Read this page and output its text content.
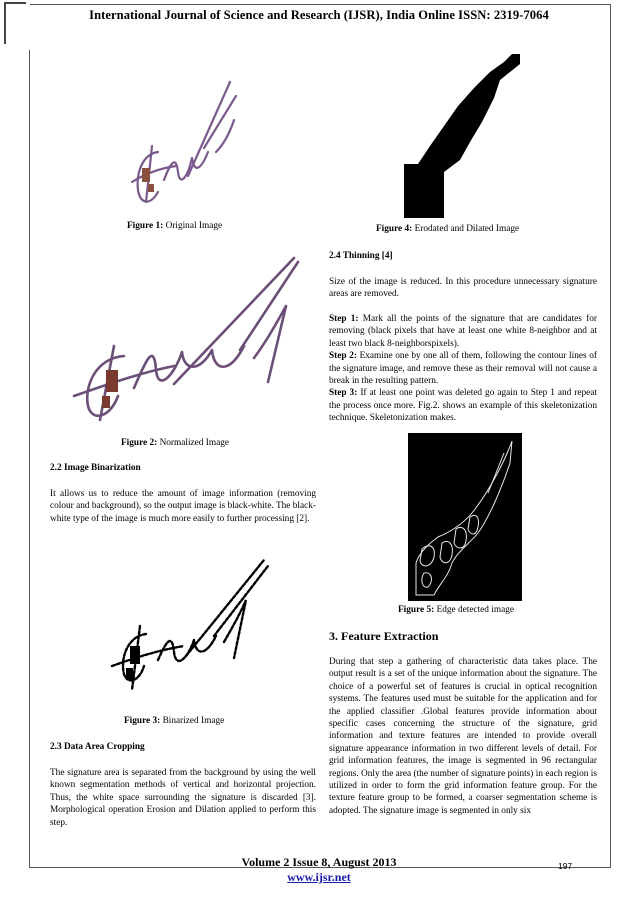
International Journal of Science and Research (IJSR), India Online ISSN: 2319-7064
Figure 1: Original Image
Figure 2: Normalized Image
2.2 Image Binarization

It allows us to reduce the amount of image information (removing colour and background), so the output image is black-white. The black-white type of the image is much more easily to further processing [2].

Figure 3: Binarized Image
2.3 Data Area Cropping

The signature area is separated from the background by using the well known segmentation methods of vertical and horizontal projection. Thus, the white space surrounding the signature is discarded [3]. Morphological operation Erosion and Dilation applied to perform this step.

Figure 4: Erodated and Dilated Image
2.4 Thinning [4]

Size of the image is reduced. In this procedure unnecessary signature areas are removed.

Step 1: Mark all the points of the signature that are candidates for removing (black pixels that have at least one white 8-neighbor and at least two black 8-neighborspixels).

Step 2: Examine one by one all of them, following the contour lines of the signature image, and remove these as their removal will not cause a break in the resulting pattern.

Step 3: If at least one point was deleted go again to Step 1 and repeat the process once more. Fig.2. shows an example of this skeletonization technique. Skeletonization makes.

Figure 5: Edge detected image
3. Feature Extraction

During that step a gathering of characteristic data takes place. The output result is a set of the unique information about the signature. The choice of a powerful set of features is crucial in optical recognition systems. The features used must be suitable for the application and for the applied classifier .Global features provide information about specific cases concerning the structure of the signature, grid information and texture features are intended to provide overall signature appearance information in two different levels of detail. For grid information features, the image is segmented in 96 rectangular regions. Only the area (the number of signature points) in each region is utilized in order to form the grid information feature group. For the texture feature group to be formed, a coarser segmentation scheme is adopted. The signature image is segmented in only six

Volume 2 Issue 8, August 2013
www.ijsr.net
197
